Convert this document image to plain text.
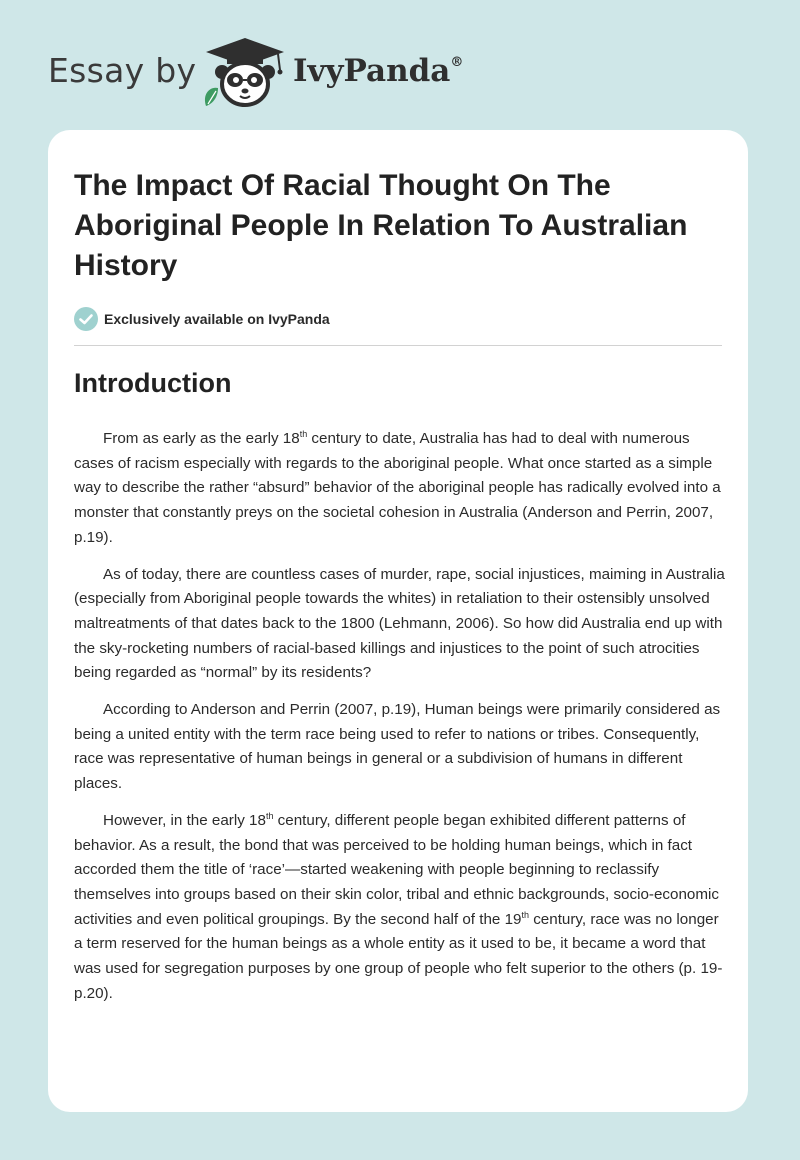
Essay by	IvyPanda®
The Impact Of Racial Thought On The Aboriginal People In Relation To Australian History
Exclusively available on IvyPanda
Introduction

From as early as the early 18th century to date, Australia has had to deal with numerous cases of racism especially with regards to the aboriginal people. What once started as a simple way to describe the rather “absurd” behavior of the aboriginal people has radically evolved into a monster that constantly preys on the societal cohesion in Australia (Anderson and Perrin, 2007, p.19).

As of today, there are countless cases of murder, rape, social injustices, maiming in Australia (especially from Aboriginal people towards the whites) in retaliation to their ostensibly unsolved maltreatments of that dates back to the 1800 (Lehmann, 2006). So how did Australia end up with the sky-rocketing numbers of racial-based killings and injustices to the point of such atrocities being regarded as “normal” by its residents?

According to Anderson and Perrin (2007, p.19), Human beings were primarily considered as being a united entity with the term race being used to refer to nations or tribes. Consequently, race was representative of human beings in general or a subdivision of humans in different places.

However, in the early 18th century, different people began exhibited different patterns of behavior. As a result, the bond that was perceived to be holding human beings, which in fact accorded them the title of ‘race’—started weakening with people beginning to reclassify themselves into groups based on their skin color, tribal and ethnic backgrounds, socio-economic activities and even political groupings. By the second half of the 19th century, race was no longer a term reserved for the human beings as a whole entity as it used to be, it became a word that was used for segregation purposes by one group of people who felt superior to the others (p. 19-p.20).
